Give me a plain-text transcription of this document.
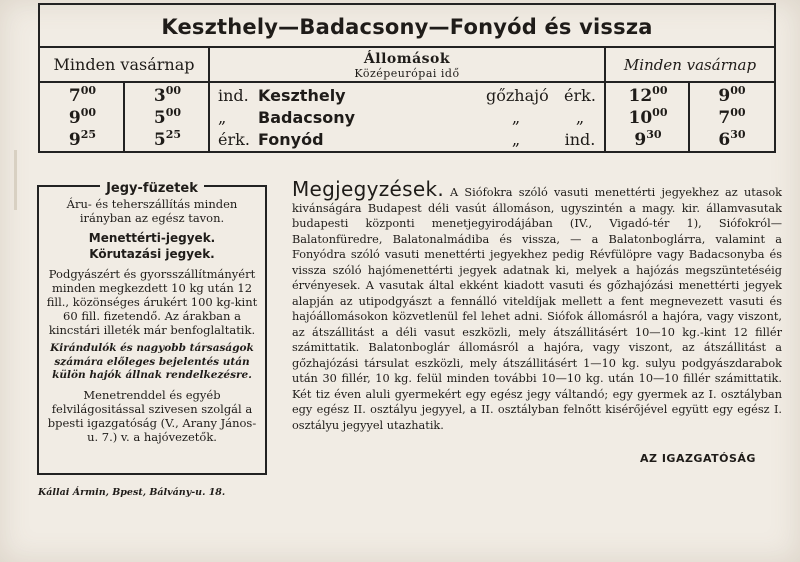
Keszthely—Badacsony—Fonyód és vissza
Minden vasárnap	Állomások
Középeurópai idő	Minden vasárnap
$7^{00}$	$3^{00}$	ind. Keszthely	gőzhajó érk.	$12^{00}$	$9^{00}$
$9^{00}$	$5^{00}$	„	Badacsony	„	„	$10^{00}$	$7^{00}$
$9^{25}$	$5^{25}$	érk. Fonyód	„	ind.	$9^{30}$	$6^{30}$
Jegy-füzetek
Áru- és teherszállítás minden irányban az egész tavon.
Menettérti-jegyek.
Körutazási jegyek.
Podgyászért és gyorsszállítmányért minden megkezdett 10 kg után 12 fill., közönséges árukért 100 kg-kint 60 fill. fizetendő. Az árakban a kincstári illeték már benfoglaltatik.
Kirándulók és nagyobb társaságok számára előleges bejelentés után külön hajók állnak rendelkezésre.
Menetrenddel és egyéb felvilágositással szivesen szolgál a bpesti igazgatóság (V., Arany János-u. 7.) v. a hajóvezetők.
Kállai Ármin, Bpest, Bálvány-u. 18.
Megjegyzések. A Siófokra szóló vasuti menettérti jegyekhez az utasok kivánságára Budapest déli vasút állomáson, ugyszintén a magy. kir. államvasutak budapesti központi menetjegyirodájában (IV., Vigadó-tér 1), Siófokról—Balatonfüredre, Balatonalmádiba és vissza, — a Balatonboglárra, valamint a Fonyódra szóló vasuti menettérti jegyekhez pedig Révfülöpre vagy Badacsonyba és vissza szóló hajómenettérti jegyek adatnak ki, melyek a hajózás megszüntetéséig érvényesek. A vasutak által ekként kiadott vasuti és gőzhajózási menettérti jegyek alapján az utipodgyászt a fennálló viteldíjak mellett a fent megnevezett vasuti és hajóállomásokon közvetlenül fel lehet adni. Siófok állomásról a hajóra, vagy viszont, az átszállitást a déli vasut eszközli, mely átszállitásért 10—10 kg.-kint 12 fillér számittatik. Balatonboglár állomásról a hajóra, vagy viszont, az átszállitást a gőzhajózási társulat eszközli, mely átszállitásért 1—10 kg. sulyu podgyászdarabok után 30 fillér, 10 kg. felül minden további 10—10 kg. után 10—10 fillér számittatik. Két tiz éven aluli gyermekért egy egész jegy váltandó; egy gyermek az I. osztályban egy egész II. osztályu jegyyel, a II. osztályban felnőtt kisérőjével együtt egy egész I. osztályu jegyyel utazhatik.
AZ IGAZGATÓSÁG
